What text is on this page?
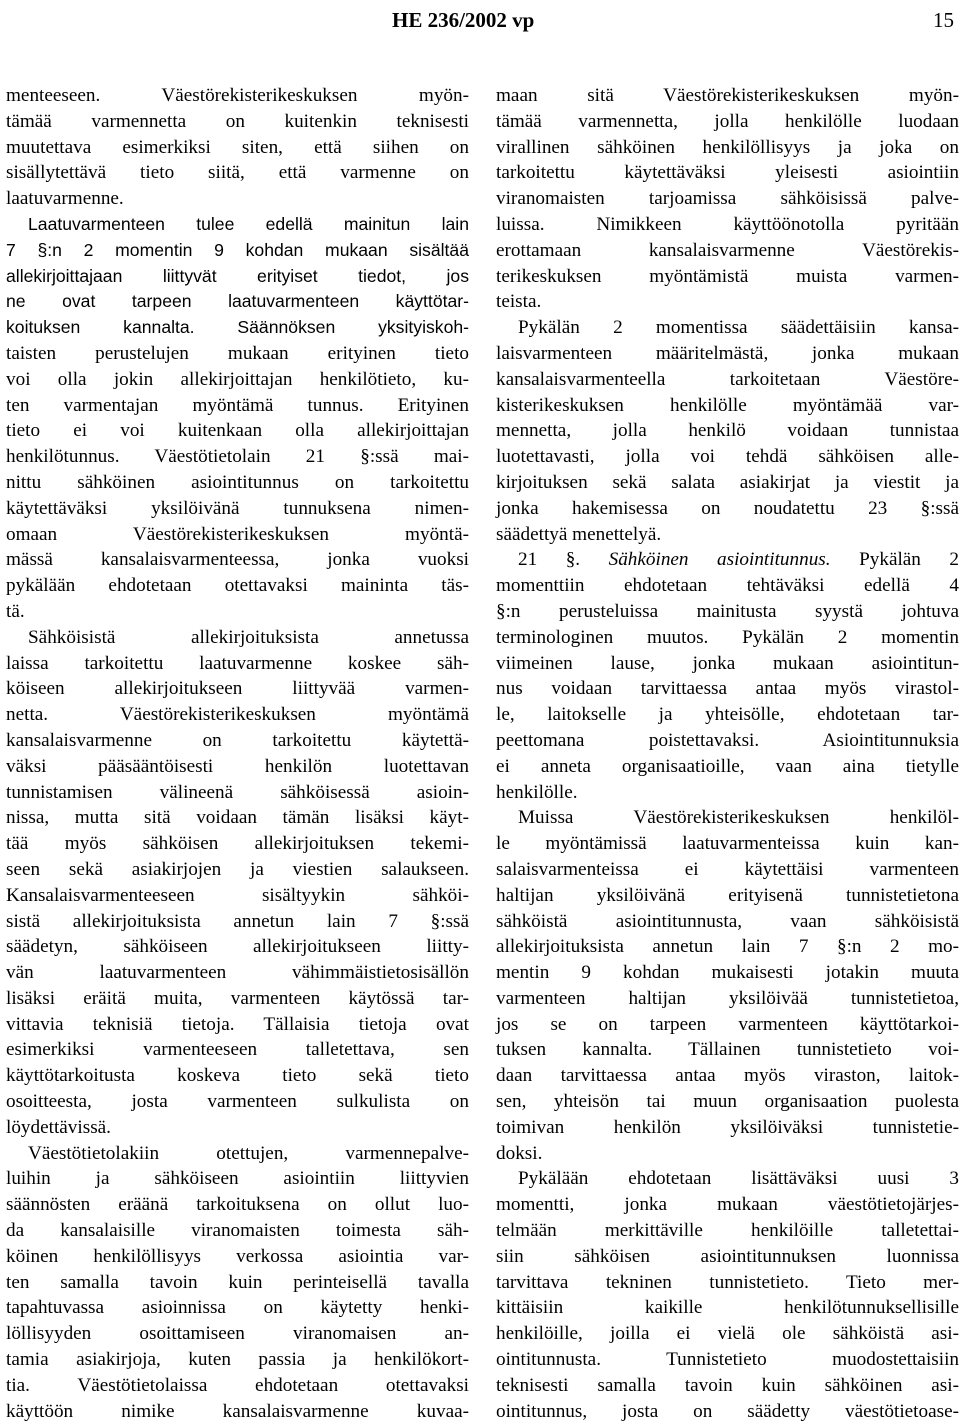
HE 236/2002 vp	15
menteeseen. Väestörekisterikeskuksen myön-
tämää varmennetta on kuitenkin teknisesti
muutettava esimerkiksi siten, että siihen on
sisällytettävä tieto siitä, että varmenne on
laatuvarmenne.
Laatuvarmenteen tulee edellä mainitun lain
7 §:n 2 momentin 9 kohdan mukaan sisältää
allekirjoittajaan liittyvät erityiset tiedot, jos
ne ovat tarpeen laatuvarmenteen käyttötar-
koituksen kannalta. Säännöksen yksityiskoh-
taisten perustelujen mukaan erityinen tieto
voi olla jokin allekirjoittajan henkilötieto, ku-
ten varmentajan myöntämä tunnus. Erityinen
tieto ei voi kuitenkaan olla allekirjoittajan
henkilötunnus. Väestötietolain 21 §:ssä mai-
nittu sähköinen asiointitunnus on tarkoitettu
käytettäväksi yksilöivänä tunnuksena nimen-
omaan Väestörekisterikeskuksen myöntä-
mässä kansalaisvarmenteessa, jonka vuoksi
pykälään ehdotetaan otettavaksi maininta täs-
tä.
Sähköisistä allekirjoituksista annetussa
laissa tarkoitettu laatuvarmenne koskee säh-
köiseen allekirjoitukseen liittyvää varmen-
netta. Väestörekisterikeskuksen myöntämä
kansalaisvarmenne on tarkoitettu käytettä-
väksi pääsääntöisesti henkilön luotettavan
tunnistamisen välineenä sähköisessä asioin-
nissa, mutta sitä voidaan tämän lisäksi käyt-
tää myös sähköisen allekirjoituksen tekemi-
seen sekä asiakirjojen ja viestien salaukseen.
Kansalaisvarmenteeseen sisältyykin sähköi-
sistä allekirjoituksista annetun lain 7 §:ssä
säädetyn, sähköiseen allekirjoitukseen liitty-
vän laatuvarmenteen vähimmäistietosisällön
lisäksi eräitä muita, varmenteen käytössä tar-
vittavia teknisiä tietoja. Tällaisia tietoja ovat
esimerkiksi varmenteeseen talletettava, sen
käyttötarkoitusta koskeva tieto sekä tieto
osoitteesta, josta varmenteen sulkulista on
löydettävissä.
Väestötietolakiin otettujen, varmennepalve-
luihin ja sähköiseen asiointiin liittyvien
säännösten eräänä tarkoituksena on ollut luo-
da kansalaisille viranomaisten toimesta säh-
köinen henkilöllisyys verkossa asiointia var-
ten samalla tavoin kuin perinteisellä tavalla
tapahtuvassa asioinnissa on käytetty henki-
löllisyyden osoittamiseen viranomaisen an-
tamia asiakirjoja, kuten passia ja henkilökort-
tia. Väestötietolaissa ehdotetaan otettavaksi
käyttöön nimike kansalaisvarmenne kuvaa-
maan sitä Väestörekisterikeskuksen myön-
tämää varmennetta, jolla henkilölle luodaan
virallinen sähköinen henkilöllisyys ja joka on
tarkoitettu käytettäväksi yleisesti asiointiin
viranomaisten tarjoamissa sähköisissä palve-
luissa. Nimikkeen käyttöönotolla pyritään
erottamaan kansalaisvarmenne Väestörekis-
terikeskuksen myöntämistä muista varmen-
teista.
Pykälän 2 momentissa säädettäisiin kansa-
laisvarmenteen määritelmästä, jonka mukaan
kansalaisvarmenteella tarkoitetaan Väestöre-
kisterikeskuksen henkilölle myöntämää var-
mennetta, jolla henkilö voidaan tunnistaa
luotettavasti, jolla voi tehdä sähköisen alle-
kirjoituksen sekä salata asiakirjat ja viestit ja
jonka hakemisessa on noudatettu 23 §:ssä
säädettyä menettelyä.
21 §. Sähköinen asiointitunnus. Pykälän 2
momenttiin ehdotetaan tehtäväksi edellä 4
§:n perusteluissa mainitusta syystä johtuva
terminologinen muutos. Pykälän 2 momentin
viimeinen lause, jonka mukaan asiointitun-
nus voidaan tarvittaessa antaa myös virastol-
le, laitokselle ja yhteisölle, ehdotetaan tar-
peettomana poistettavaksi. Asiointitunnuksia
ei anneta organisaatioille, vaan aina tietylle
henkilölle.
Muissa Väestörekisterikeskuksen henkilöl-
le myöntämissä laatuvarmenteissa kuin kan-
salaisvarmenteissa ei käytettäisi varmenteen
haltijan yksilöivänä erityisenä tunnistetietona
sähköistä asiointitunnusta, vaan sähköisistä
allekirjoituksista annetun lain 7 §:n 2 mo-
mentin 9 kohdan mukaisesti jotakin muuta
varmenteen haltijan yksilöivää tunnistetietoa,
jos se on tarpeen varmenteen käyttötarkoi-
tuksen kannalta. Tällainen tunnistetieto voi-
daan tarvittaessa antaa myös viraston, laitok-
sen, yhteisön tai muun organisaation puolesta
toimivan henkilön yksilöiväksi tunnistetie-
doksi.
Pykälään ehdotetaan lisättäväksi uusi 3
momentti, jonka mukaan väestötietojärjes-
telmään merkittäville henkilöille talletettai-
siin sähköisen asiointitunnuksen luonnissa
tarvittava tekninen tunnistetieto. Tieto mer-
kittäisiin kaikille henkilötunnuksellisille
henkilöille, joilla ei vielä ole sähköistä asi-
ointitunnusta. Tunnistetieto muodostettaisiin
teknisesti samalla tavoin kuin sähköinen asi-
ointitunnus, josta on säädetty väestötietoase-
